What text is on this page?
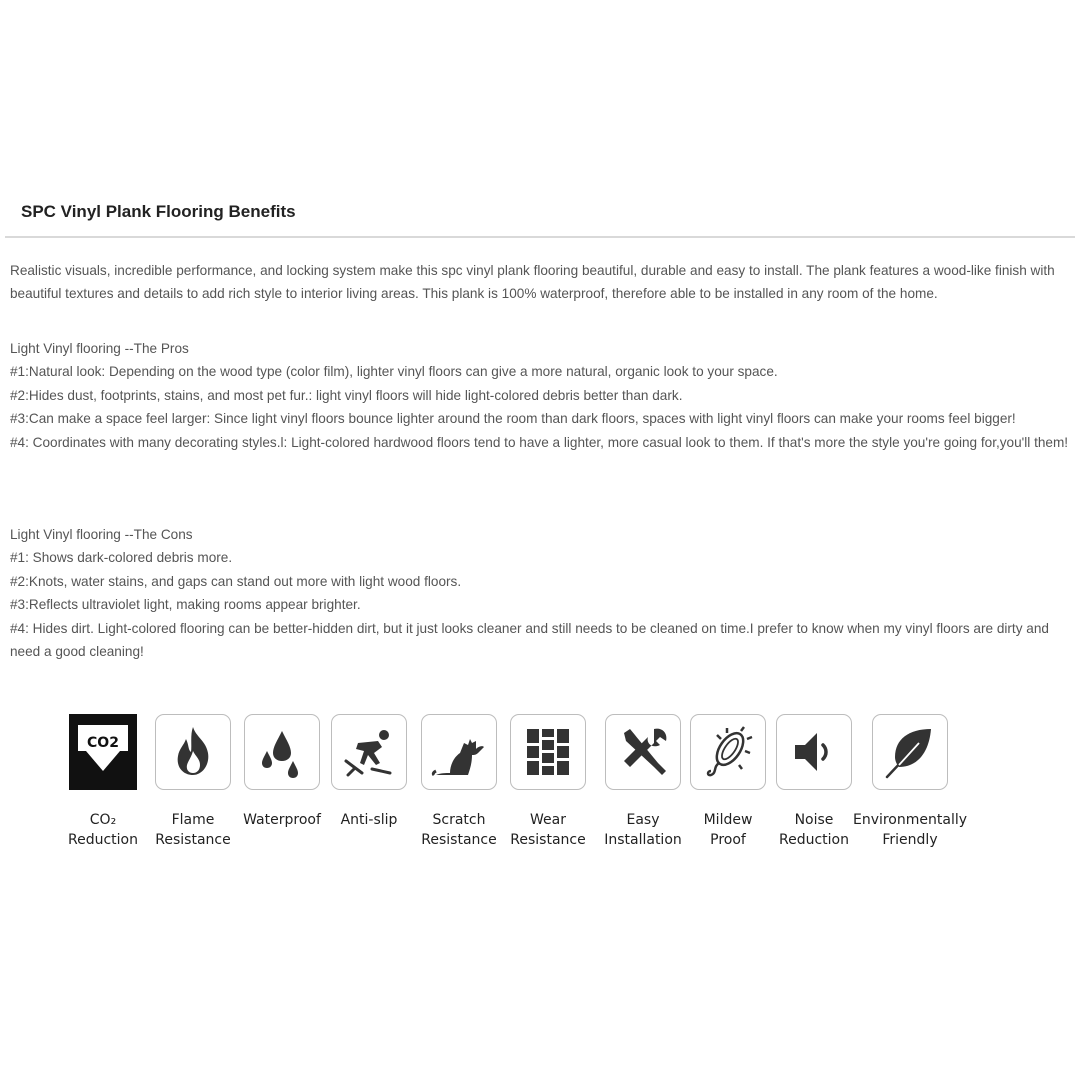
SPC Vinyl Plank Flooring Benefits

Realistic visuals, incredible performance, and locking system make this spc vinyl plank flooring beautiful, durable and easy to install. The plank features a wood-like finish with beautiful textures and details to add rich style to interior living areas. This plank is 100% waterproof, therefore able to be installed in any room of the home.

Light Vinyl flooring --The Pros

#1:Natural look: Depending on the wood type (color film), lighter vinyl floors can give a more natural, organic look to your space.

#2:Hides dust, footprints, stains, and most pet fur.: light vinyl floors will hide light-colored debris better than dark.

#3:Can make a space feel larger: Since light vinyl floors bounce lighter around the room than dark floors, spaces with light vinyl floors can make your rooms feel bigger!

#4: Coordinates with many decorating styles.l: Light-colored hardwood floors tend to have a lighter, more casual look to them. If that's more the style you're going for,you'll them!

Light Vinyl flooring --The Cons

#1: Shows dark-colored debris more.

#2:Knots, water stains, and gaps can stand out more with light wood floors.

#3:Reflects ultraviolet light, making rooms appear brighter.

#4: Hides dirt. Light-colored flooring can be better-hidden dirt, but it just looks cleaner and still needs to be cleaned on time.I prefer to know when my vinyl floors are dirty and need a good cleaning!

CO2
CO₂
Reduction
Flame
Resistance
Waterproof Anti-slip	Scratch
Resistance
Wear
Resistance
Easy
Installation
Mildew
Proof
Noise
Reduction
Environmentally
Friendly
